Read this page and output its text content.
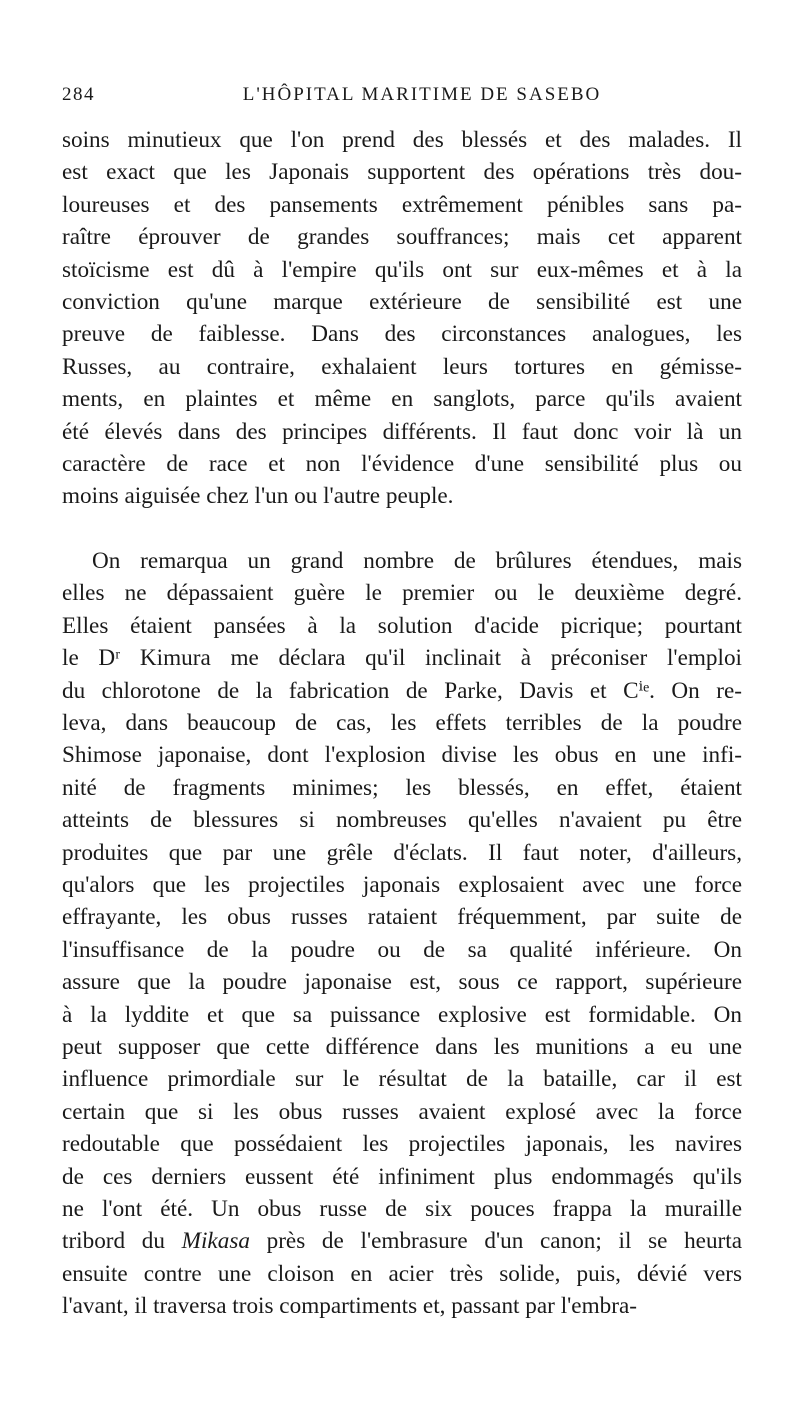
284	L'HÔPITAL MARITIME DE SASEBO

soins minutieux que l'on prend des blessés et des malades. Il
est exact que les Japonais supportent des opérations très dou-
loureuses et des pansements extrêmement pénibles sans pa-
raître éprouver de grandes souffrances; mais cet apparent
stoïcisme est dû à l'empire qu'ils ont sur eux-mêmes et à la
conviction qu'une marque extérieure de sensibilité est une
preuve de faiblesse. Dans des circonstances analogues, les
Russes, au contraire, exhalaient leurs tortures en gémisse-
ments, en plaintes et même en sanglots, parce qu'ils avaient
été élevés dans des principes différents. Il faut donc voir là un
caractère de race et non l'évidence d'une sensibilité plus ou
moins aiguisée chez l'un ou l'autre peuple.

On remarqua un grand nombre de brûlures étendues, mais
elles ne dépassaient guère le premier ou le deuxième degré.
Elles étaient pansées à la solution d'acide picrique; pourtant
le Dʳ Kimura me déclara qu'il inclinait à préconiser l'emploi
du chlorotone de la fabrication de Parke, Davis et Cⁱᵉ. On re-
leva, dans beaucoup de cas, les effets terribles de la poudre
Shimose japonaise, dont l'explosion divise les obus en une infi-
nité de fragments minimes; les blessés, en effet, étaient
atteints de blessures si nombreuses qu'elles n'avaient pu être
produites que par une grêle d'éclats. Il faut noter, d'ailleurs,
qu'alors que les projectiles japonais explosaient avec une force
effrayante, les obus russes rataient fréquemment, par suite de
l'insuffisance de la poudre ou de sa qualité inférieure. On
assure que la poudre japonaise est, sous ce rapport, supérieure
à la lyddite et que sa puissance explosive est formidable. On
peut supposer que cette différence dans les munitions a eu une
influence primordiale sur le résultat de la bataille, car il est
certain que si les obus russes avaient explosé avec la force
redoutable que possédaient les projectiles japonais, les navires
de ces derniers eussent été infiniment plus endommagés qu'ils
ne l'ont été. Un obus russe de six pouces frappa la muraille
tribord du Mikasa près de l'embrasure d'un canon; il se heurta
ensuite contre une cloison en acier très solide, puis, dévié vers
l'avant, il traversa trois compartiments et, passant par l'embra-
